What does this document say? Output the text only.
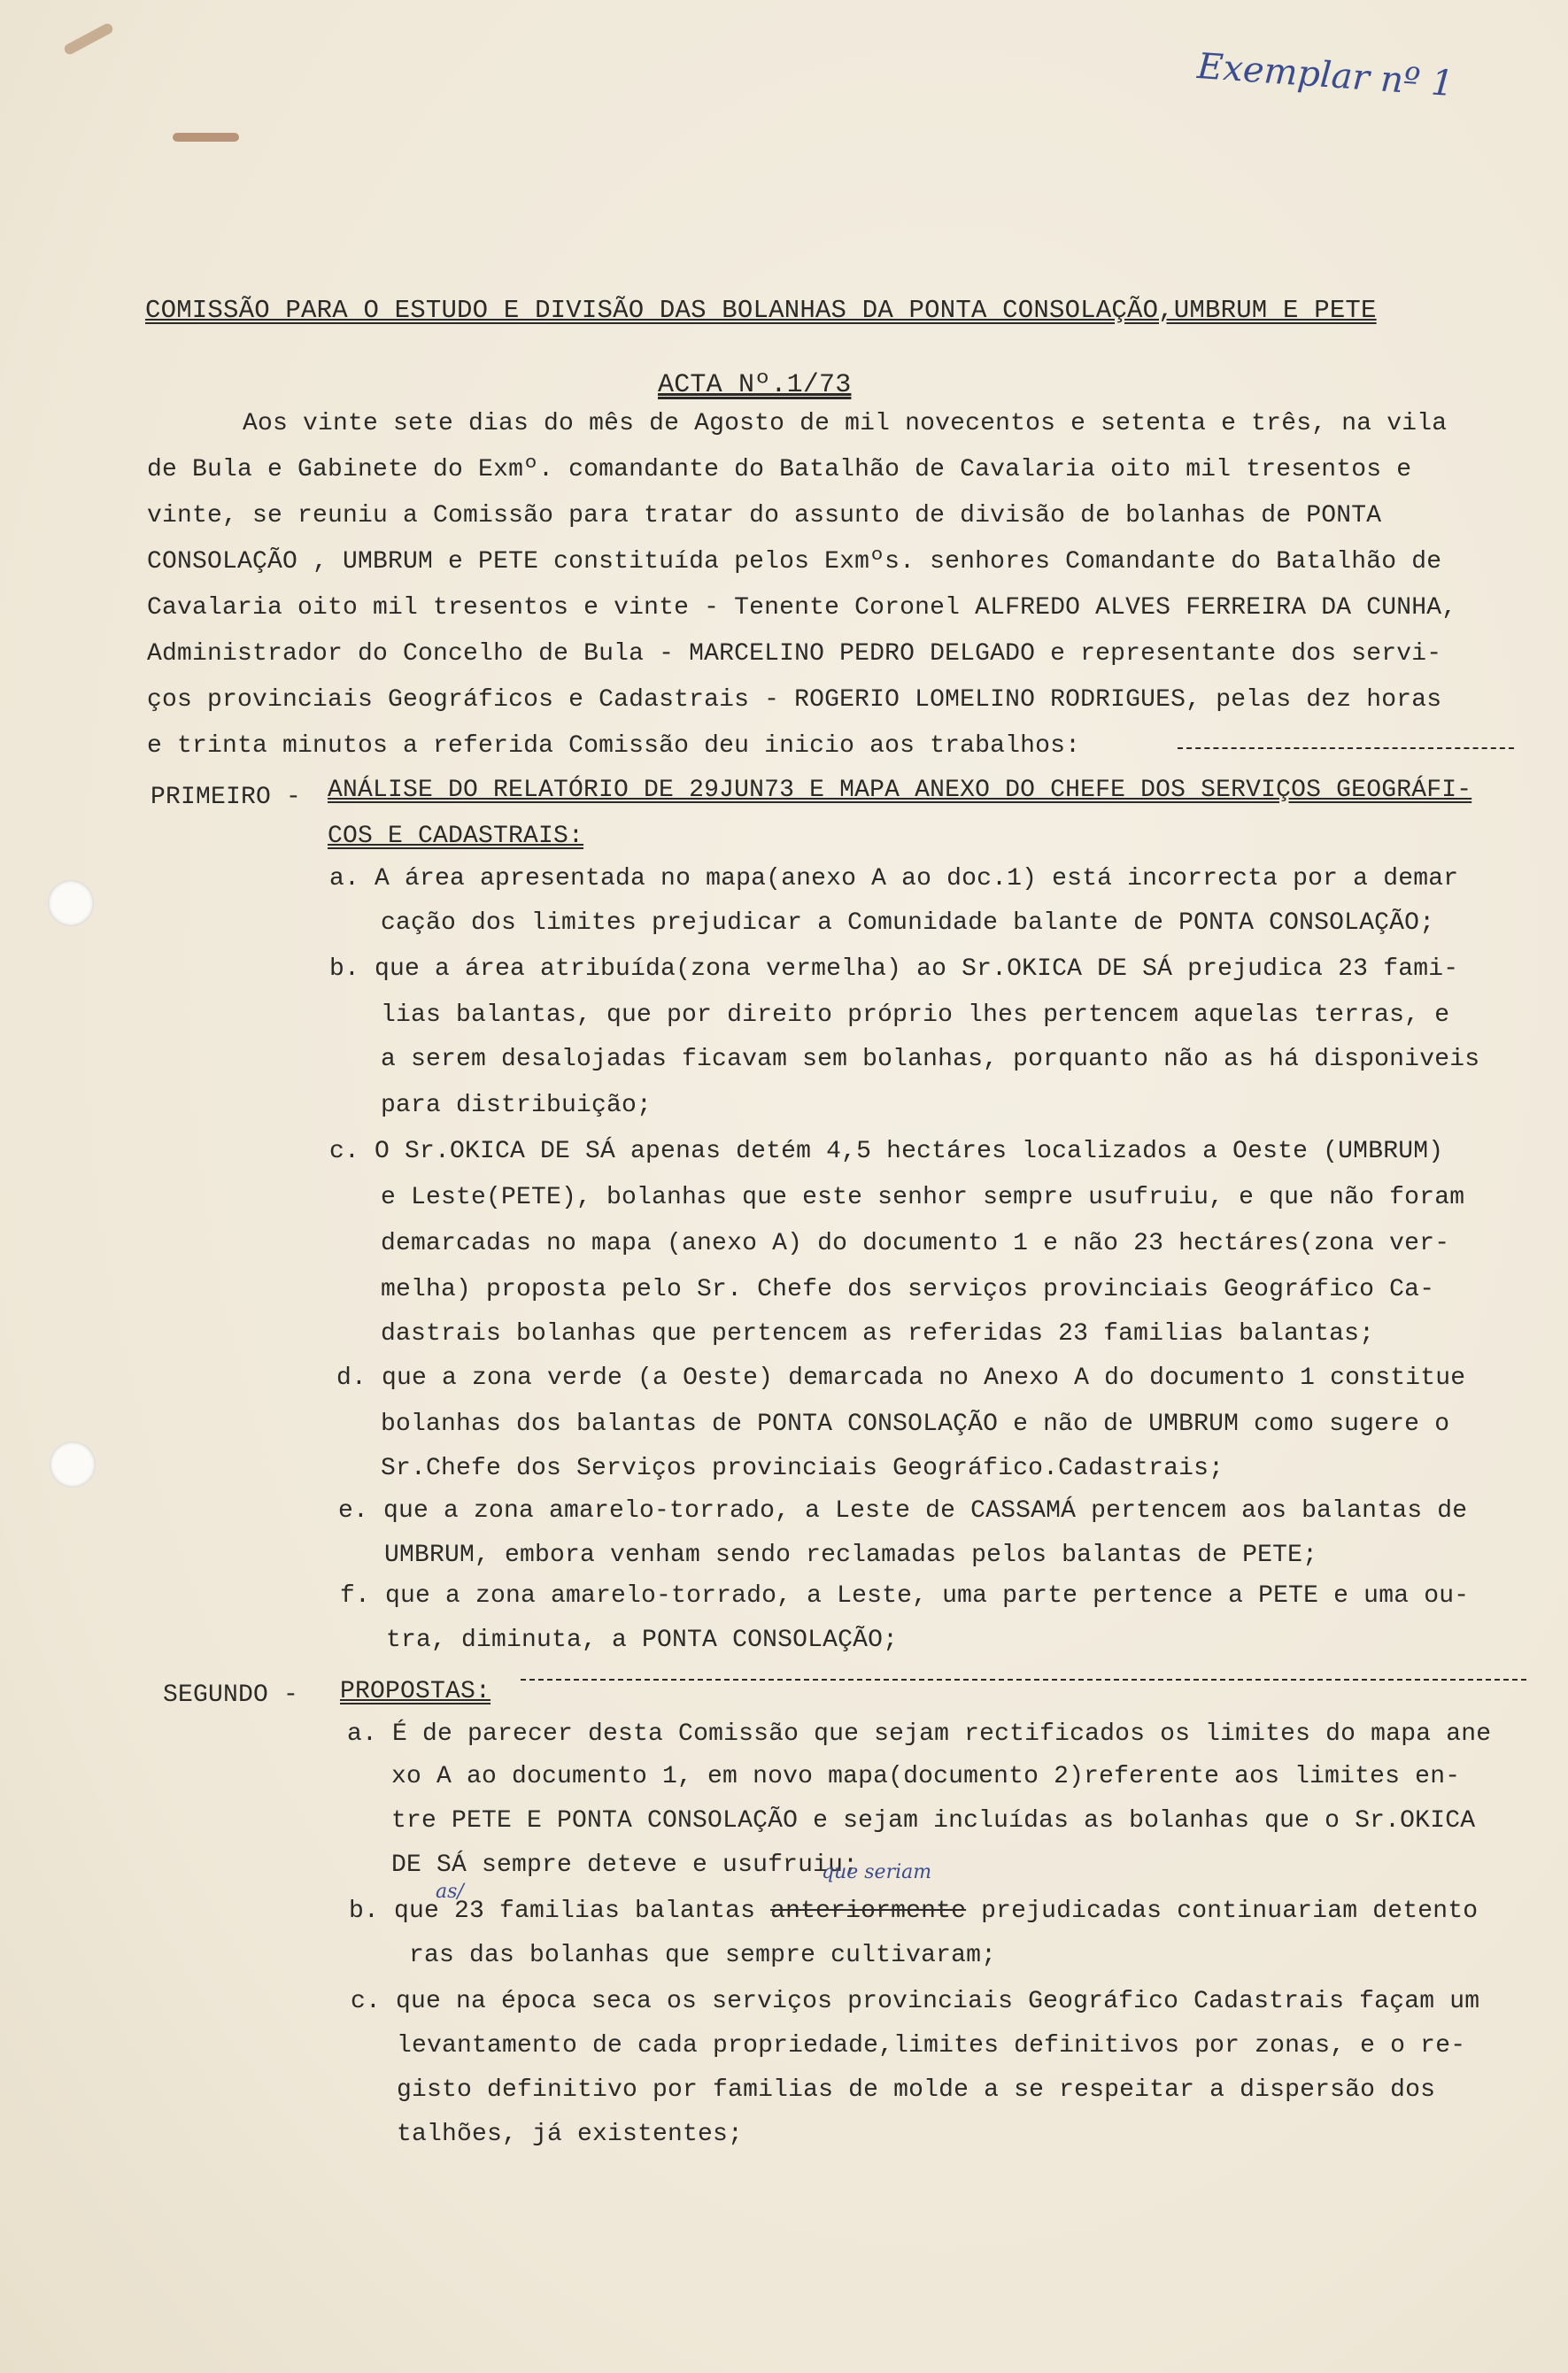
Exemplar nº 1
COMISSÃO PARA O ESTUDO E DIVISÃO DAS BOLANHAS DA PONTA CONSOLAÇÃO,UMBRUM E PETE
ACTA Nº.1/73
Aos vinte sete dias do mês de Agosto de mil novecentos e setenta e três, na vila
de Bula e Gabinete do Exmº. comandante do Batalhão de Cavalaria oito mil tresentos e
vinte, se reuniu a Comissão para tratar do assunto de divisão de bolanhas de PONTA
CONSOLAÇÃO , UMBRUM e PETE constituída pelos Exmºs. senhores Comandante do Batalhão de
Cavalaria oito mil tresentos e vinte - Tenente Coronel ALFREDO ALVES FERREIRA DA CUNHA,
Administrador do Concelho de Bula - MARCELINO PEDRO DELGADO e representante dos servi-
ços provinciais Geográficos e Cadastrais - ROGERIO LOMELINO RODRIGUES, pelas dez horas
e trinta minutos a referida Comissão deu inicio aos trabalhos:
PRIMEIRO - ANÁLISE DO RELATÓRIO DE 29JUN73 E MAPA ANEXO DO CHEFE DOS SERVIÇOS GEOGRÁFI-
COS E CADASTRAIS:
a. A área apresentada no mapa(anexo A ao doc.1) está incorrecta por a demar
cação dos limites prejudicar a Comunidade balante de PONTA CONSOLAÇÃO;
b. que a área atribuída(zona vermelha) ao Sr.OKICA DE SÁ prejudica 23 fami-
lias balantas, que por direito próprio lhes pertencem aquelas terras, e
a serem desalojadas ficavam sem bolanhas, porquanto não as há disponiveis
para distribuição;
c. O Sr.OKICA DE SÁ apenas detém 4,5 hectáres localizados a Oeste (UMBRUM)
e Leste(PETE), bolanhas que este senhor sempre usufruiu, e que não foram
demarcadas no mapa (anexo A) do documento 1 e não 23 hectáres(zona ver-
melha) proposta pelo Sr. Chefe dos serviços provinciais Geográfico Ca-
dastrais bolanhas que pertencem as referidas 23 familias balantas;
d. que a zona verde (a Oeste) demarcada no Anexo A do documento 1 constitue
bolanhas dos balantas de PONTA CONSOLAÇÃO e não de UMBRUM como sugere o
Sr.Chefe dos Serviços provinciais Geográfico.Cadastrais;
e. que a zona amarelo-torrado, a Leste de CASSAMÁ pertencem aos balantas de
UMBRUM, embora venham sendo reclamadas pelos balantas de PETE;
f. que a zona amarelo-torrado, a Leste, uma parte pertence a PETE e uma ou-
tra, diminuta, a PONTA CONSOLAÇÃO;
SEGUNDO - PROPOSTAS:
a. É de parecer desta Comissão que sejam rectificados os limites do mapa ane
xo A ao documento 1, em novo mapa(documento 2)referente aos limites en-
tre PETE E PONTA CONSOLAÇÃO e sejam incluídas as bolanhas que o Sr.OKICA
DE SÁ sempre deteve e usufruiu;
as/
que seriam
b. que 23 familias balantas anteriormente prejudicadas continuariam detento
ras das bolanhas que sempre cultivaram;
c. que na época seca os serviços provinciais Geográfico Cadastrais façam um
levantamento de cada propriedade,limites definitivos por zonas, e o re-
gisto definitivo por familias de molde a se respeitar a dispersão dos
talhões, já existentes;
